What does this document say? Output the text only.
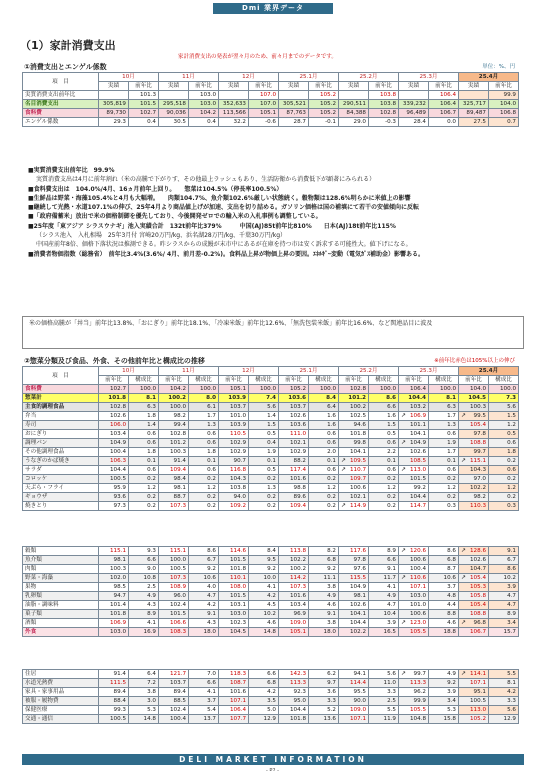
Dmi 業界データ
（1）家計消費支出
家計消費支出の発表が翌々月のため、前々月までのデータです。
①消費支出とエンゲル係数	単位：%、円
項　目	10月		11月		12月		25.1月		25.2月		25.3月		25.4月	
	実績	前年比	実績	前年比	実績	前年比	実績	前年比	実績	前年比	実績	前年比	実績	前年比
実質消費支出前年比		101.3		103.0		107.0		105.2		103.8		106.4		99.9
名目消費支出	305,819	101.5	295,518	103.0	352,633	107.0	305,521	105.2	290,511	103.8	339,232	106.4	325,717	104.0
食料費	89,730	102.7	90,036	104.2	113,566	105.1	87,763	105.2	84,388	102.8	96,489	106.7	89,487	106.8
エンゲル係数	29.3	0.4	30.5	0.4	32.2	-0.6	28.7	-0.1	29.0	-0.3	28.4	0.0	27.5	0.7
■実質消費支出前年比　99.9%
実質消費支出は4月に前年割れ（米の高騰で下がりす、その他最上ラッシュもあり、生活防衛から消費低下が顕著にみられる）
■食料費支出は　104.0%/4月、16ヵ月前年上回り。　　惣菜は104.5%（停長率100.5%）
■生鮮品は野菜・海藻105.4%と4月も大幅増。　　肉類104.7%、魚介類102.6%厳しい状態続く。穀物類は128.6%明らかに米値上の影響
■継続して光熱・水道107.1%の伸び、25年4月より商品値上げが加速、支出を切り詰める。ガソリン価格は国の補填にて若干の安値傾向に反転
■「政府備蓄米」放出で米の価格制御を優先しており、今後開発ゼロでの輸入米の入札事例も調整している。
■25年度「東アジア シラスウナギ」池入実績合計　132t前年比379%　　　中国(AJ)85t前年比810%　　日本(AJ)18t前年比115%
（シラス池入　入札相場　25年3月付 宮崎20万円/kg、浜名湖28万円/kg、千葉30万円/kg）
中国産前年8倍、価格下落状況は推測できる。昨シラスからの成鰻が末市中にあるが在庫を持つ市は安く訴求する可能性大。値下げになる。
■消費者物価指数（総務省）　前年比3.4%(3.6%/ 4月、前月差-0.2%)。食料品上昇が物価上昇の要因。ｴﾈﾙｷﾞｰ変動（電気ｶﾞｽ補助金）影響ある。
米の価格高騰が「丼当」前年比13.8%、「おにぎり」前年比18.1%、「冷凍米飯」前年比12.6%、「無洗包装米飯」前年比16.6%、など関連品目に波及
②惣菜分類及び食品、外食、その他前年比と構成比の推移	※前年比赤色は105%以上の伸び
項　目	10月		11月		12月		25.1月		25.2月		25.3月		25.4月	
	前年比	構成比	前年比	構成比	前年比	構成比	前年比	構成比	前年比	構成比	前年比	構成比	前年比	構成比
食料費	102.7	100.0	104.2	100.0	105.1	100.0	105.2	100.0	102.8	100.0	106.4	100.0	104.0	100.0
惣菜計	101.8	8.1	100.2	8.0	103.9	7.4	103.6	8.4	101.2	8.6	104.4	8.1	104.5	7.3
主食的調理食品	102.8	6.3	100.0	6.1	103.7	5.6	103.7	6.4	100.2	6.6	103.2	6.3	100.3	5.6
弁当	102.6	1.8	98.2	1.7	101.0	1.4	102.6	1.6	102.5	1.6	↗ 106.9	1.7	↗ 99.5	1.5
寿司	106.0	1.4	99.4	1.3	103.9	1.5	103.6	1.6	94.6	1.5	101.1	1.3	105.4	1.2
おにぎり	103.4	0.6	102.8	0.6	110.5	0.5	111.0	0.6	101.8	0.5	104.1	0.6	97.8	0.5
調理パン	104.9	0.6	101.2	0.6	102.9	0.4	102.1	0.6	99.8	0.6	↗ 104.9	1.9	108.8	0.6
その他調理食品	100.4	1.8	100.3	1.8	102.9	1.9	102.9	2.0	104.1	2.2	102.6	1.7	99.7	1.8
うなぎのかば焼き	106.3	0.1	91.4	0.1	90.7	0.1	88.2	0.1	↗ 109.5	0.1	108.5	0.1	↗ 115.1	0.2
サラダ	104.4	0.6	109.4	0.6	116.8	0.5	117.4	0.6	↗ 110.7	0.6	↗ 113.0	0.6	104.3	0.6
コロッケ	100.5	0.2	98.4	0.2	104.3	0.2	101.6	0.2	109.7	0.2	101.5	0.2	97.0	0.2
天ぷら・フライ	95.9	1.2	98.1	1.2	103.8	1.3	98.8	1.2	100.6	1.2	99.2	1.2	102.2	1.2
ギョウザ	93.6	0.2	88.7	0.2	94.0	0.2	89.6	0.2	102.1	0.2	104.4	0.2	98.2	0.2
焼きとり	97.3	0.2	107.3	0.2	109.2	0.2	109.4	0.2	↗ 114.9	0.2	114.7	0.3	110.3	0.3

穀類	115.1	9.3	115.1	8.6	114.6	8.4	113.8	8.2	117.6	8.9	↗ 120.6	8.6	↗ 128.6	9.1
魚介類	98.1	6.6	100.0	6.7	101.5	9.5	102.2	6.8	97.8	6.6	100.6	6.8	102.6	6.7
肉類	100.3	9.0	100.5	9.2	101.8	9.2	100.2	9.2	97.6	9.1	100.4	8.7	104.7	8.6
野菜・海藻	102.0	10.8	107.3	10.6	110.1	10.0	114.2	11.1	115.5	11.7	↗ 110.6	10.6	↗ 105.4	10.2
果物	98.5	2.5	108.9	4.0	108.0	4.1	107.3	3.8	104.9	4.1	107.1	3.7	105.3	3.9
乳卵類	94.7	4.9	96.0	4.7	101.5	4.2	101.6	4.9	98.1	4.9	103.0	4.8	105.8	4.7
油脂・調味料	101.4	4.3	102.4	4.2	103.1	4.5	103.4	4.6	102.6	4.7	101.0	4.4	105.4	4.7
菓子類	101.8	8.9	101.5	9.1	103.0	10.2	96.9	9.1	104.1	10.4	100.6	8.8	108.8	8.9
酒類	106.9	4.1	106.6	4.3	102.3	4.6	109.0	3.8	104.4	3.9	↗ 123.0	4.6	↗ 96.8	3.4
外食	103.0	16.9	108.3	18.0	104.5	14.8	105.1	18.0	102.2	16.5	105.5	18.8	106.7	15.7

住居	91.4	6.4	121.7	7.0	118.3	6.6	142.3	6.2	94.1	5.6	↗ 99.7	4.9	↗ 114.1	5.5
水道光熱費	111.5	7.2	103.7	6.6	108.7	6.8	113.3	9.7	114.4	11.0	113.3	9.2	107.1	8.1
家具・家事用品	89.4	3.8	89.4	4.1	101.6	4.2	92.3	3.6	95.5	3.3	96.2	3.9	95.1	4.2
被服・履物費	88.4	3.0	88.5	3.7	107.1	3.5	95.0	3.3	90.0	2.5	99.9	3.4	100.5	3.3
保健医療	99.3	5.3	102.4	5.4	106.4	5.0	104.4	5.2	109.0	5.5	105.5	5.3	113.0	5.6
交通・通信	100.5	14.8	100.4	13.7	107.7	12.9	101.8	13.6	107.1	11.9	104.8	15.8	105.2	12.9
DELI MARKET INFORMATION
- P2 -
